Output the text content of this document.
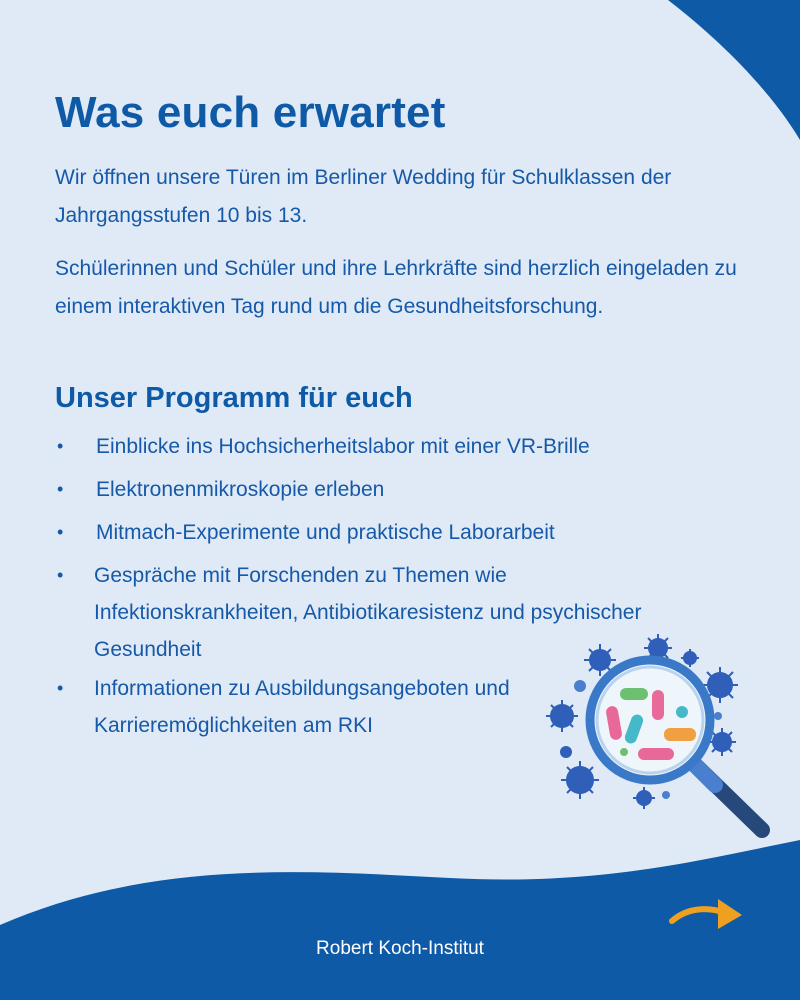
Was euch erwartet

Wir öffnen unsere Türen im Berliner Wedding für Schulklassen der Jahrgangsstufen 10 bis 13.

Schülerinnen und Schüler und ihre Lehrkräfte sind herzlich eingeladen zu einem interaktiven Tag rund um die Gesundheitsforschung.

Unser Programm für euch
• Einblicke ins Hochsicherheitslabor mit einer VR-Brille
• Elektronenmikroskopie erleben
• Mitmach-Experimente und praktische Laborarbeit
• Gespräche mit Forschenden zu Themen wie Infektionskrankheiten, Antibiotikaresistenz und psychischer Gesundheit
• Informationen zu Ausbildungsangeboten und Karrieremöglichkeiten am RKI
Robert Koch-Institut
